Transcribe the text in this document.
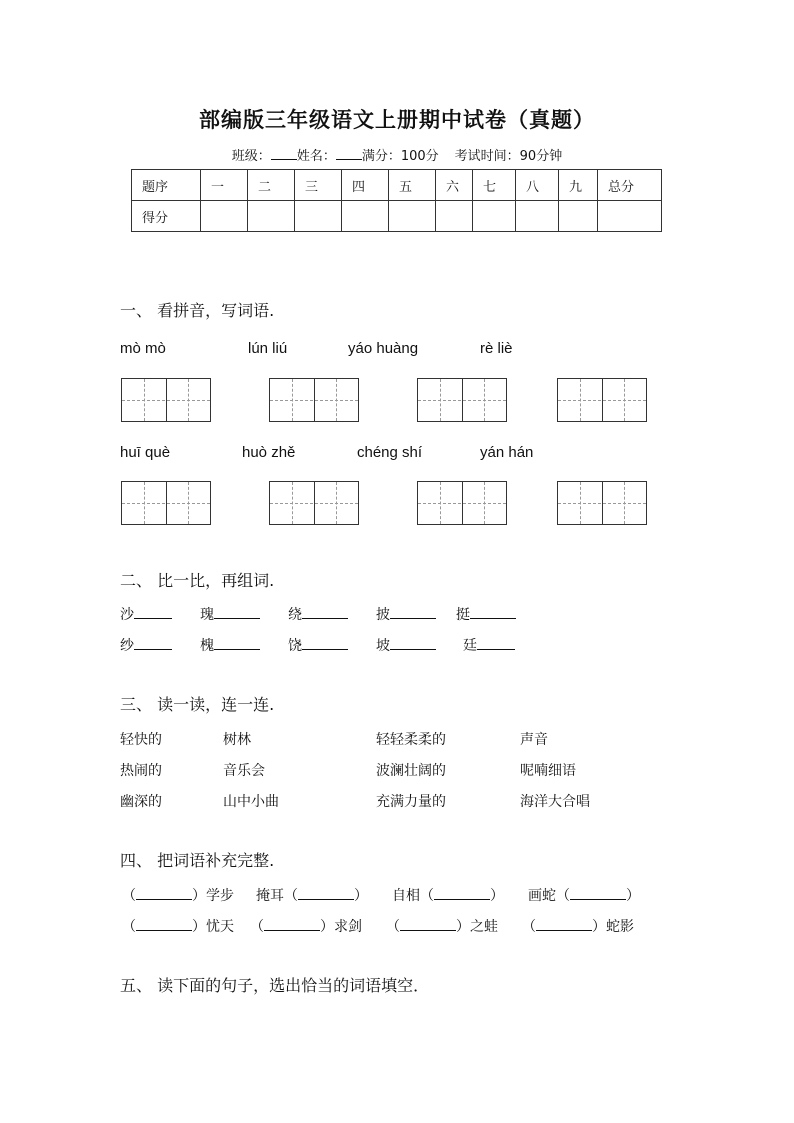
部编版三年级语文上册期中试卷（真题）
班级： 姓名： 满分：100分 考试时间：90分钟
题序	一	二	三	四	五	六	七	八	九	总分
得分										
一、 看拼音，写词语.
mò mò	lún liú	yáo huàng	rè liè
huī què	huò zhě	chéng shí	yán hán
二、 比一比，再组词.
沙	瑰	绕	披	挺
纱	槐	饶	坡	廷
三、 读一读，连一连.
轻快的	树林	轻轻柔柔的	声音
热闹的	音乐会	波澜壮阔的	呢喃细语
幽深的	山中小曲	充满力量的	海洋大合唱
四、 把词语补充完整.
（	）学步 掩耳（	） 自相（	） 画蛇（	）
（	）忧天 （	）求剑 （	）之蛙 （	）蛇影
五、 读下面的句子，选出恰当的词语填空．
